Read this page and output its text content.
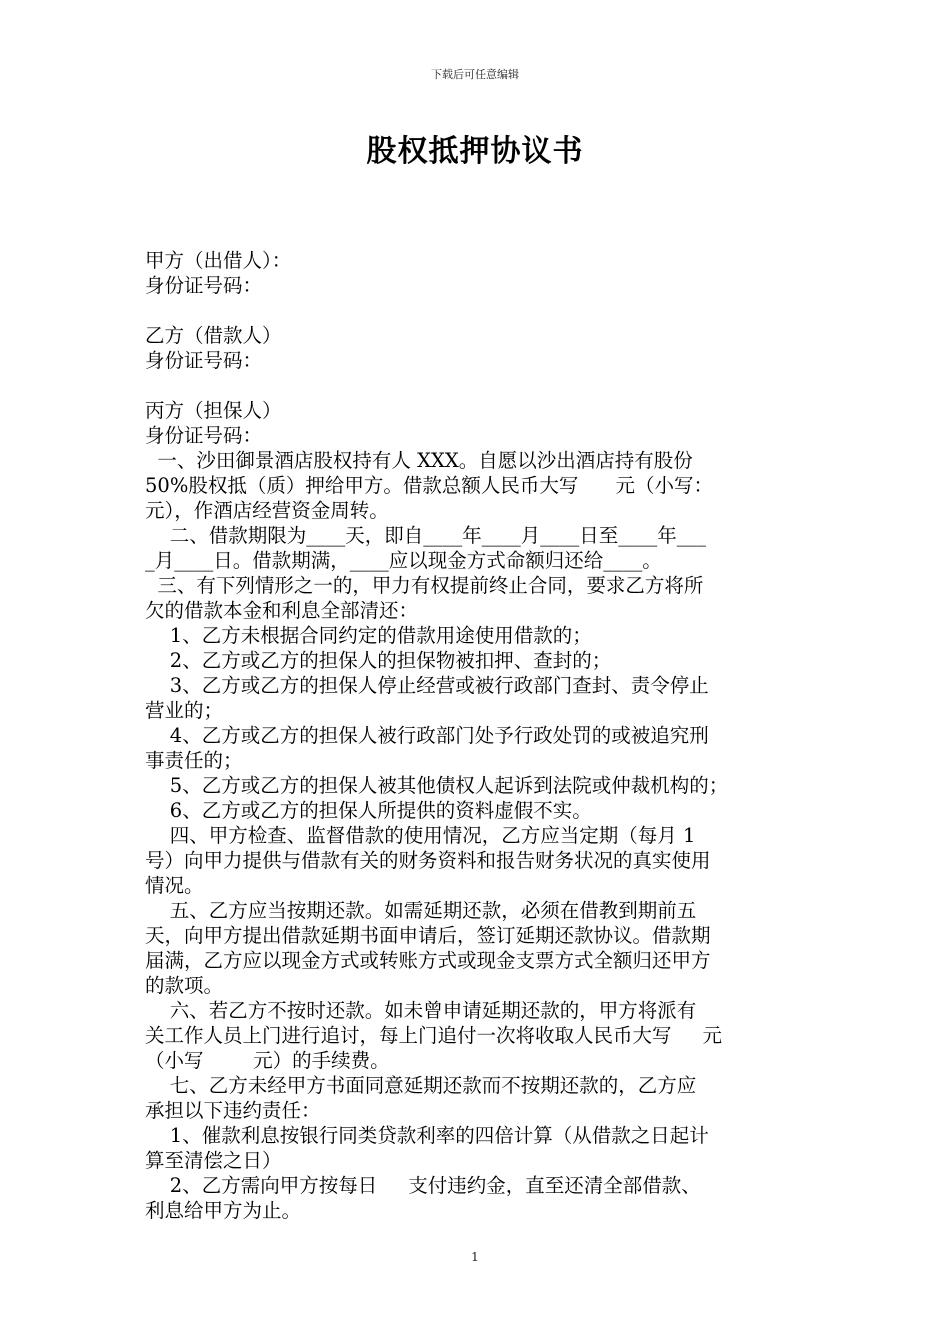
下载后可任意编辑
股权抵押协议书
甲方（出借人）：
身份证号码：
乙方（借款人）
身份证号码：
丙方（担保人）
身份证号码：
一、沙田御景酒店股权持有人 XXX。自愿以沙出酒店持有股份
50%股权抵（质）押给甲方。借款总额人民币大写      元（小写：
元），作酒店经营资金周转。
二、借款期限为____天，即自____年____月____日至____年___
_月____日。借款期满，____应以现金方式命额归还给____。
三、有下列情形之一的，甲力有权提前终止合同，要求乙方将所
欠的借款本金和利息全部清还：
1、乙方未根据合同约定的借款用途使用借款的；
2、乙方或乙方的担保人的担保物被扣押、查封的；
3、乙方或乙方的担保人停止经营或被行政部门查封、责令停止
营业的；
4、乙方或乙方的担保人被行政部门处予行政处罚的或被追究刑
事责任的；
5、乙方或乙方的担保人被其他债权人起诉到法院或仲裁机构的；
6、乙方或乙方的担保人所提供的资料虚假不实。
四、甲方检查、监督借款的使用情况，乙方应当定期（每月 1
号）向甲力提供与借款有关的财务资料和报告财务状况的真实使用
情况。
五、乙方应当按期还款。如需延期还款，必须在借教到期前五
天，向甲方提出借款延期书面申请后，签订延期还款协议。借款期
届满，乙方应以现金方式或转账方式或现金支票方式全额归还甲方
的款项。
六、若乙方不按时还款。如未曾申请延期还款的，甲方将派有
关工作人员上门进行追讨，每上门追付一次将收取人民币大写     元
（小写        元）的手续费。
七、乙方未经甲方书面同意延期还款而不按期还款的，乙方应
承担以下违约责任：
1、催款利息按银行同类贷款利率的四倍计算（从借款之日起计
算至清偿之日）
2、乙方需向甲方按每日     支付违约金，直至还清全部借款、
利息给甲方为止。
1
